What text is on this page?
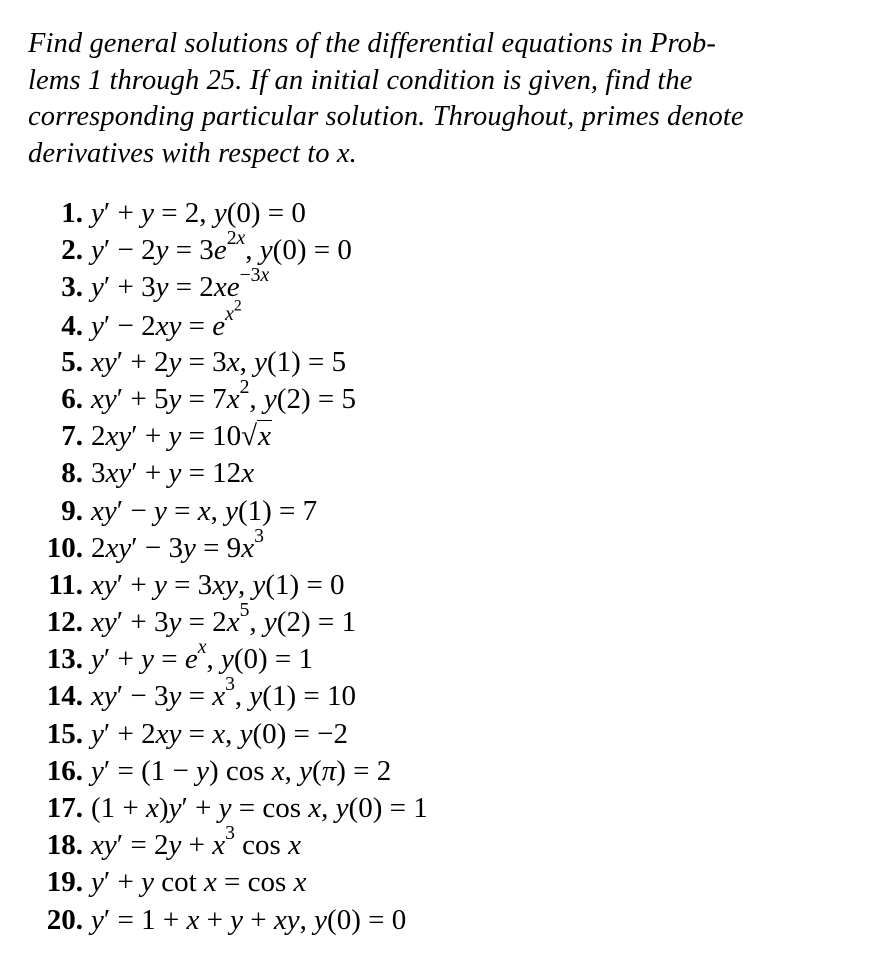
Find general solutions of the differential equations in Prob-
lems 1 through 25. If an initial condition is given, find the
corresponding particular solution. Throughout, primes denote
derivatives with respect to x.
1. y′ + y = 2, y(0) = 0
2. $y' - 2y = 3e^{2x}$, y(0) = 0
3. $y' + 3y = 2xe^{-3x}$
4. $y' - 2xy = e^{x^2}$
5. xy′ + 2y = 3x, y(1) = 5
6. $xy' + 5y = 7x^2$, y(2) = 5
7. 2xy′ + y = 10√x
8. 3xy′ + y = 12x
9. xy′ − y = x, y(1) = 7
10. $2xy' - 3y = 9x^3$
11. xy′ + y = 3xy, y(1) = 0
12. $xy' + 3y = 2x^5$, y(2) = 1
13. $y' + y = e^x$, y(0) = 1
14. $xy' - 3y = x^3$, y(1) = 10
15. y′ + 2xy = x, y(0) = −2
16. y′ = (1 − y) cos x, y(π) = 2
17. (1 + x)y′ + y = cos x, y(0) = 1
18. $xy' = 2y + x^3$ cos x
19. y′ + y cot x = cos x
20. y′ = 1 + x + y + xy, y(0) = 0
